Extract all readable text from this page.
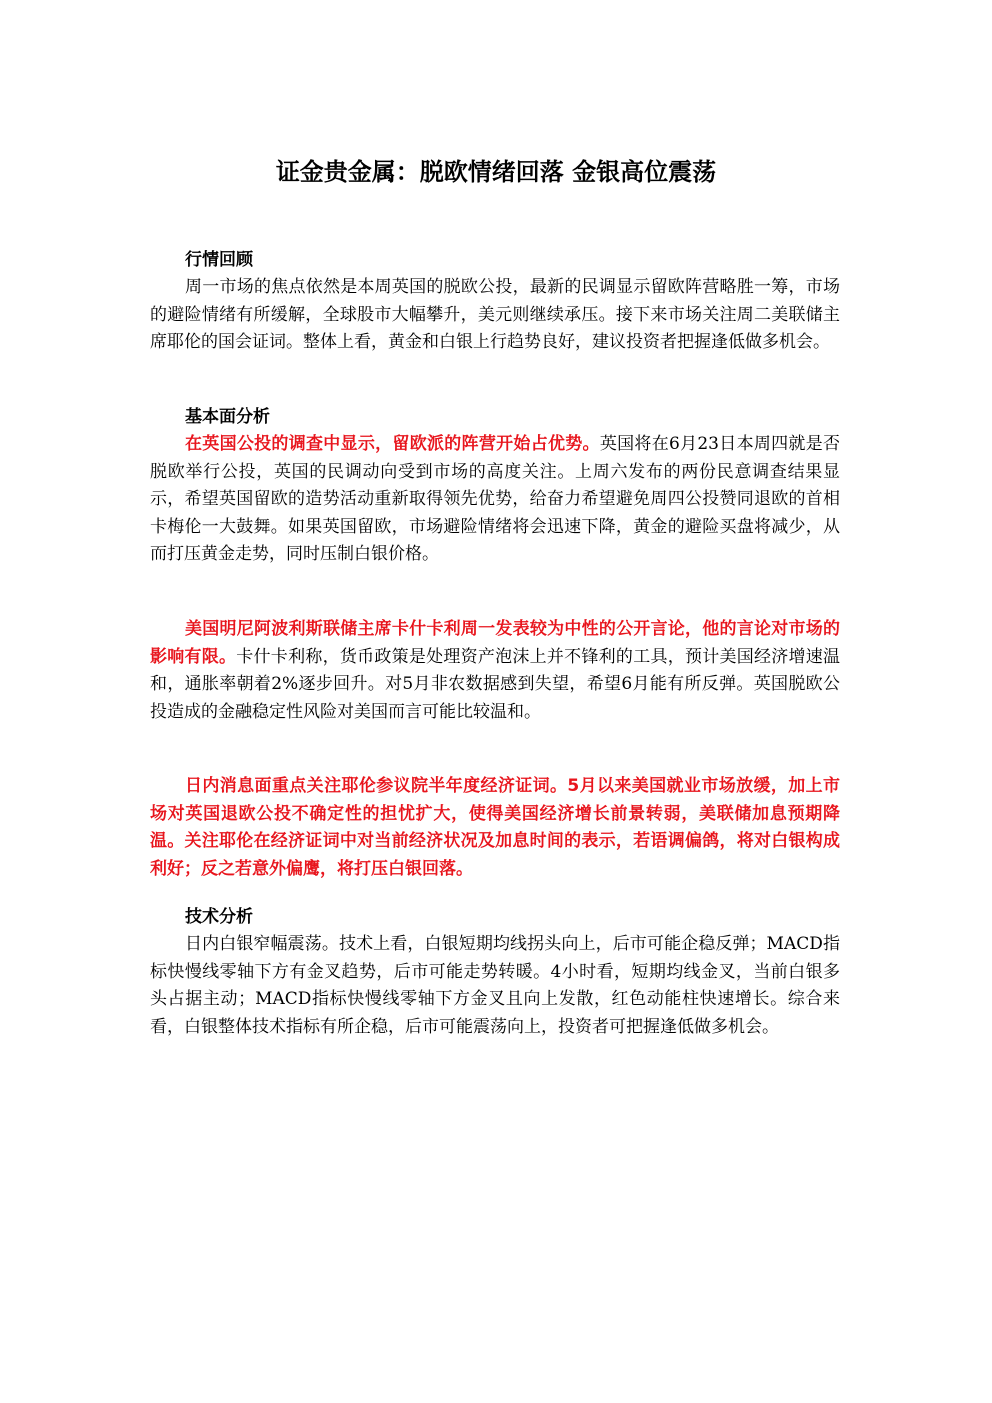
证金贵金属：脱欧情绪回落 金银高位震荡

行情回顾

周一市场的焦点依然是本周英国的脱欧公投，最新的民调显示留欧阵营略胜一筹，市场的避险情绪有所缓解，全球股市大幅攀升，美元则继续承压。接下来市场关注周二美联储主席耶伦的国会证词。整体上看，黄金和白银上行趋势良好，建议投资者把握逢低做多机会。

基本面分析

在英国公投的调查中显示，留欧派的阵营开始占优势。英国将在6月23日本周四就是否脱欧举行公投，英国的民调动向受到市场的高度关注。上周六发布的两份民意调查结果显示，希望英国留欧的造势活动重新取得领先优势，给奋力希望避免周四公投赞同退欧的首相卡梅伦一大鼓舞。如果英国留欧，市场避险情绪将会迅速下降，黄金的避险买盘将减少，从而打压黄金走势，同时压制白银价格。

美国明尼阿波利斯联储主席卡什卡利周一发表较为中性的公开言论，他的言论对市场的影响有限。卡什卡利称，货币政策是处理资产泡沫上并不锋利的工具，预计美国经济增速温和，通胀率朝着2%逐步回升。对5月非农数据感到失望，希望6月能有所反弹。英国脱欧公投造成的金融稳定性风险对美国而言可能比较温和。

日内消息面重点关注耶伦参议院半年度经济证词。5月以来美国就业市场放缓，加上市场对英国退欧公投不确定性的担忧扩大，使得美国经济增长前景转弱，美联储加息预期降温。关注耶伦在经济证词中对当前经济状况及加息时间的表示，若语调偏鸽，将对白银构成利好；反之若意外偏鹰，将打压白银回落。

技术分析

日内白银窄幅震荡。技术上看，白银短期均线拐头向上，后市可能企稳反弹；MACD指标快慢线零轴下方有金叉趋势，后市可能走势转暖。4小时看，短期均线金叉，当前白银多头占据主动；MACD指标快慢线零轴下方金叉且向上发散，红色动能柱快速增长。综合来看，白银整体技术指标有所企稳，后市可能震荡向上，投资者可把握逢低做多机会。
